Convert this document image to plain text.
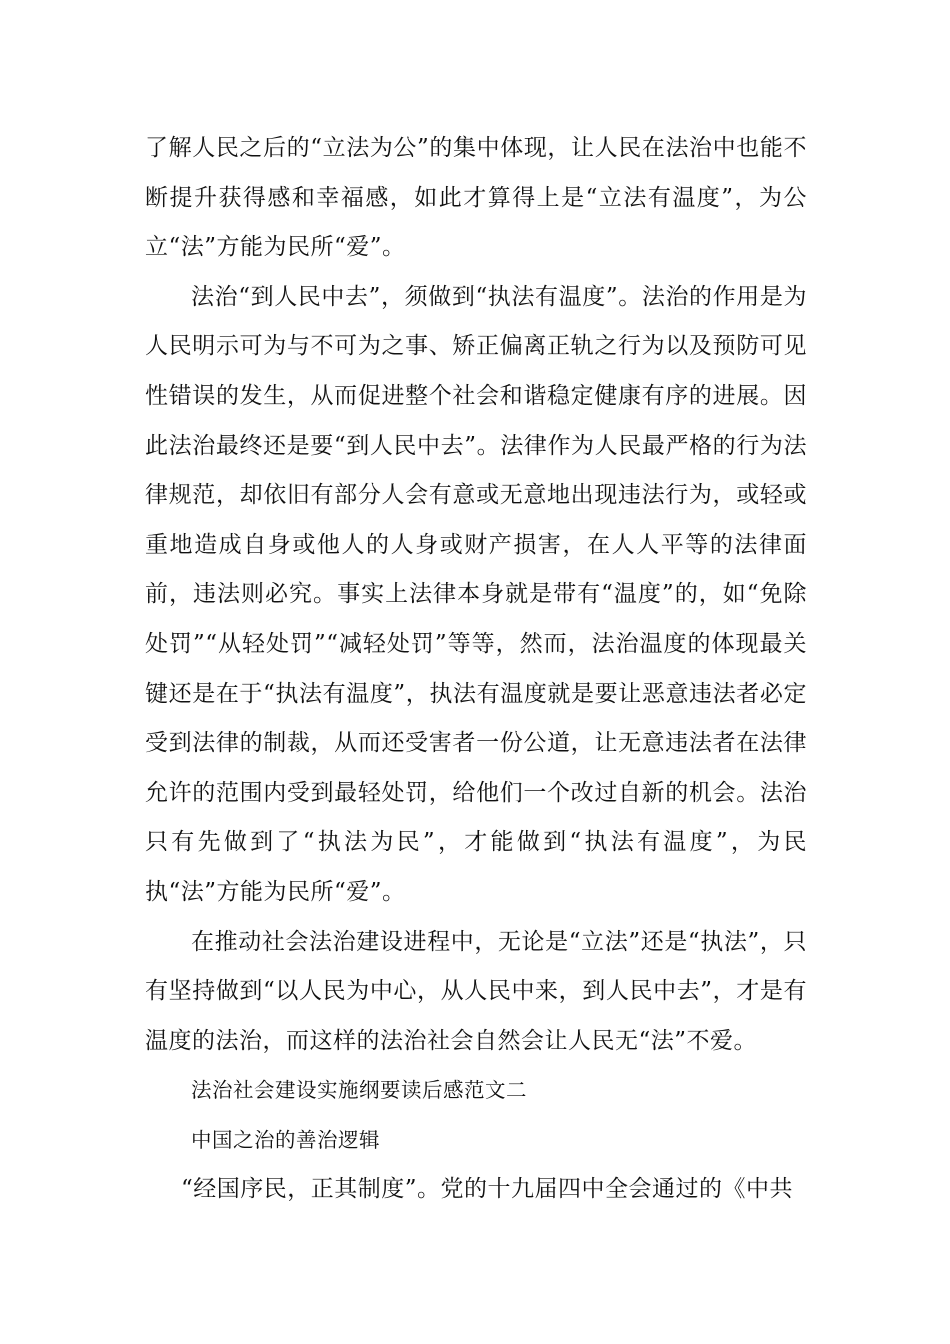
了解人民之后的“立法为公”的集中体现，让人民在法治中也能不断提升获得感和幸福感，如此才算得上是“立法有温度”，为公立“法”方能为民所“爱”。

法治“到人民中去”，须做到“执法有温度”。法治的作用是为人民明示可为与不可为之事、矫正偏离正轨之行为以及预防可见性错误的发生，从而促进整个社会和谐稳定健康有序的进展。因此法治最终还是要“到人民中去”。法律作为人民最严格的行为法律规范，却依旧有部分人会有意或无意地出现违法行为，或轻或重地造成自身或他人的人身或财产损害，在人人平等的法律面前，违法则必究。事实上法律本身就是带有“温度”的，如“免除处罚”“从轻处罚”“减轻处罚”等等，然而，法治温度的体现最关键还是在于“执法有温度”，执法有温度就是要让恶意违法者必定受到法律的制裁，从而还受害者一份公道，让无意违法者在法律允许的范围内受到最轻处罚，给他们一个改过自新的机会。法治只有先做到了“执法为民”，才能做到“执法有温度”，为民执“法”方能为民所“爱”。

在推动社会法治建设进程中，无论是“立法”还是“执法”，只有坚持做到“以人民为中心，从人民中来，到人民中去”，才是有温度的法治，而这样的法治社会自然会让人民无“法”不爱。

法治社会建设实施纲要读后感范文二

中国之治的善治逻辑

“经国序民，正其制度”。党的十九届四中全会通过的《中共
